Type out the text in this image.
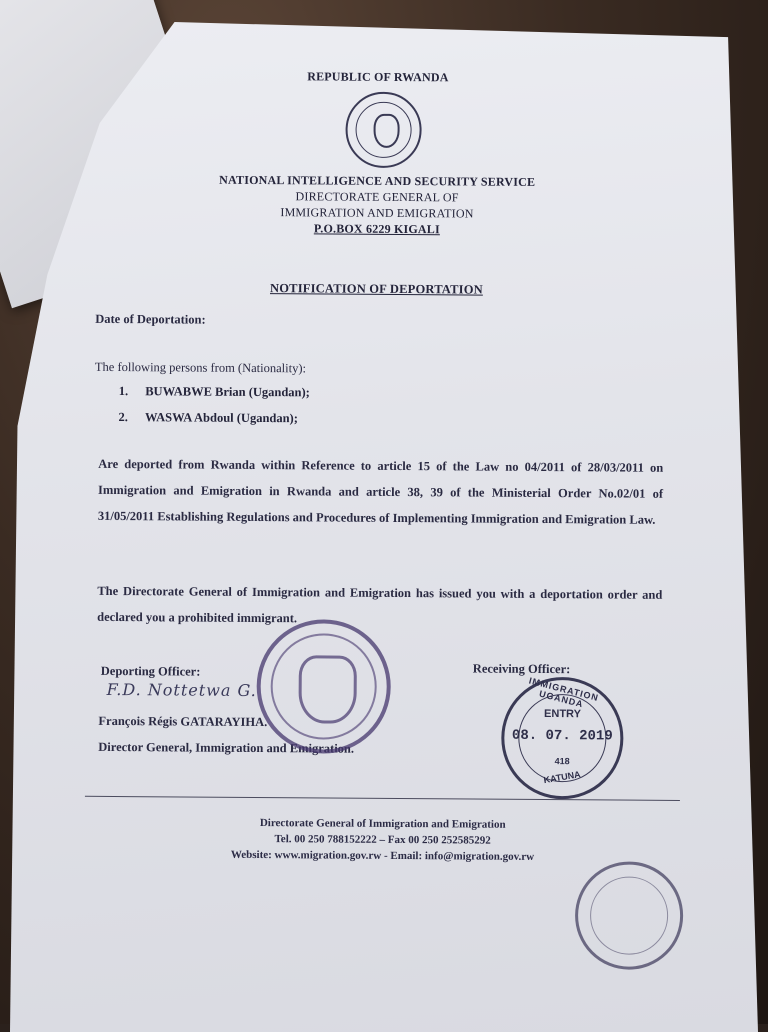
REPUBLIC OF RWANDA
NATIONAL INTELLIGENCE AND SECURITY SERVICE
DIRECTORATE GENERAL OF
IMMIGRATION AND EMIGRATION
P.O.BOX 6229 KIGALI
NOTIFICATION OF DEPORTATION
Date of Deportation:
The following persons from (Nationality):
1. BUWABWE Brian (Ugandan);
2. WASWA Abdoul (Ugandan);
Are deported from Rwanda within Reference to article 15 of the Law no 04/2011 of 28/03/2011 on Immigration and Emigration in Rwanda and article 38, 39 of the Ministerial Order No.02/01 of 31/05/2011 Establishing Regulations and Procedures of Implementing Immigration and Emigration Law.
The Directorate General of Immigration and Emigration has issued you with a deportation order and declared you a prohibited immigrant.
Deporting Officer:
F.D. Nottetwa G.
François Régis GATARAYIHA.
Director General, Immigration and Emigration.
Receiving Officer:
IMMIGRATION UGANDA
ENTRY
08. 07. 2019
418
KATUNA
Directorate General of Immigration and Emigration
Tel. 00 250 788152222 – Fax 00 250 252585292
Website: www.migration.gov.rw - Email: info@migration.gov.rw
